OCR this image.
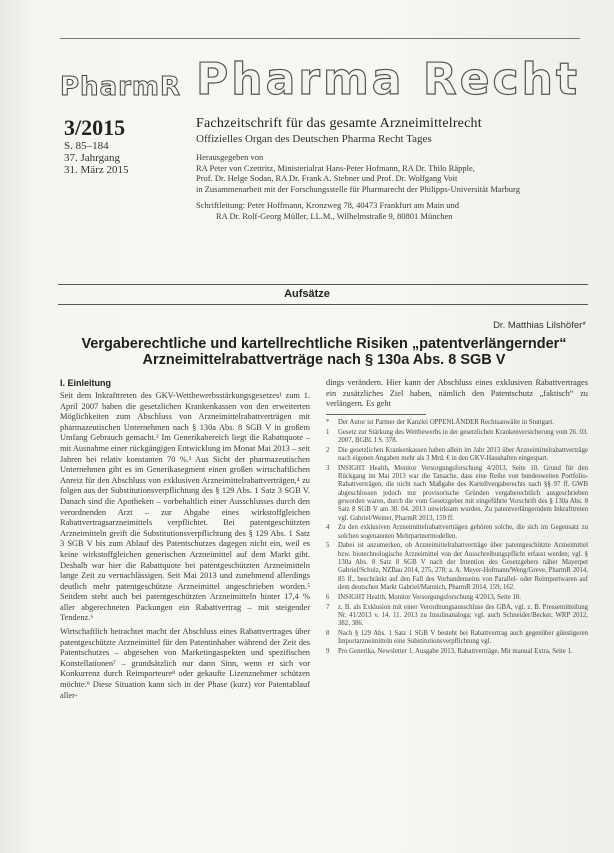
PharmR Pharma Recht
3/2015
S. 85–184
37. Jahrgang
31. März 2015
Fachzeitschrift für das gesamte Arzneimittelrecht
Offizielles Organ des Deutschen Pharma Recht Tages
Herausgegeben von
RA Peter von Czettritz, Ministerialrat Hans-Peter Hofmann, RA Dr. Thilo Räpple,
Prof. Dr. Helge Sodan, RA Dr. Frank A. Stebner und Prof. Dr. Wolfgang Voit
in Zusammenarbeit mit der Forschungsstelle für Pharmarecht der Philipps-Universität Marburg
Schriftleitung: Peter Hoffmann, Kronzweg 78, 40473 Frankfurt am Main und
RA Dr. Rolf-Georg Müller, LL.M., Wilhelmstraße 9, 80801 München
Aufsätze
Dr. Matthias Lilshöfer*
Vergaberechtliche und kartellrechtliche Risiken „patentverlängernder“
Arzneimittelrabattverträge nach § 130a Abs. 8 SGB V
I. Einleitung

Seit dem Inkrafttreten des GKV-Wettbewerbsstärkungsgesetzes¹ zum 1. April 2007 haben die gesetzlichen Krankenkassen von den erweiterten Möglichkeiten zum Abschluss von Arzneimittelrabattverträgen mit pharmazeutischen Unternehmen nach § 130a Abs. 8 SGB V in großem Umfang Gebrauch gemacht.² Im Generikabereich liegt die Rabattquote – mit Ausnahme einer rückgängigen Entwicklung im Monat Mai 2013 – seit Jahren bei relativ konstanten 70 %.³ Aus Sicht der pharmazeutischen Unternehmen gibt es im Generikasegment einen großen wirtschaftlichen Anreiz für den Abschluss von exklusiven Arzneimittelrabattverträgen,⁴ zu folgen aus der Substitutionsverpflichtung des § 129 Abs. 1 Satz 3 SGB V. Danach sind die Apotheken – vorbehaltlich einer Ausschlusses durch den verordnenden Arzt – zur Abgabe eines wirkstoffgleichen Rabattvertragsarzneimittels verpflichtet. Bei patentgeschützten Arzneimitteln greift die Substitutionsverpflichtung des § 129 Abs. 1 Satz 3 SGB V bis zum Ablauf des Patentschutzes dagegen nicht ein, weil es keine wirkstoffgleichen generischen Arzneimittel auf dem Markt gibt. Deshalb war hier die Rabattquote bei patentgeschützten Arzneimitteln lange Zeit zu vernachlässigen. Seit Mai 2013 und zunehmend allerdings deutlich mehr patentgeschützte Arzneimittel angeschrieben worden.⁵ Seitdem steht auch bei patentgeschützten Arzneimitteln hinter 17,4 % aller abgerechneten Packungen ein Rabattvertrag – mit steigender Tendenz.⁶

Wirtschaftlich betrachtet macht der Abschluss eines Rabattvertrages über patentgeschützte Arzneimittel für den Patentinhaber während der Zeit des Patentschutzes – abgesehen von Marketingaspekten und spezifischen Konstellationen⁷ – grundsätzlich nur dann Sinn, wenn er sich vor Konkurrenz durch Reimporteure⁸ oder gekaufte Lizenznehmer schützen möchte.⁹ Diese Situation kann sich in der Phase (kurz) vor Patentablauf aller-

dings verändern. Hier kann der Abschluss eines exklusiven Rabattvertrages ein zusätzliches Ziel haben, nämlich den Patentschutz „faktisch“ zu verlängern. Es geht

*	Der Autor ist Partner der Kanzlei OPPENLÄNDER Rechtsanwälte in Stuttgart.
1	Gesetz zur Stärkung des Wettbewerbs in der gesetzlichen Krankenversicherung vom 26. 03. 2007, BGBl. I S. 378.
2	Die gesetzlichen Krankenkassen haben allein im Jahr 2013 über Arzneimittelrabattverträge nach eigenen Angaben mehr als 3 Mrd. € in den GKV-Haushalten eingespart.
3	INSIGHT Health, Monitor Versorgungsforschung 4/2013, Seite 10. Grund für den Rückgang im Mai 2013 war die Tatsache, dass eine Reihe von bundesweiten Portfolio-Rabattverträgen, die nicht nach Maßgabe des Kartellvergaberechts nach §§ 97 ff. GWB abgeschlossen jedoch nur provisorische Gründen vergaberechtlich ausgeschrieben geworden waren, durch die vom Gesetzgeber mit eingeführte Vorschrift des § 130a Abs. 8 Satz 8 SGB V am 30. 04. 2013 unwirksam wurden. Zu patentverlängerndem Inkrafttreten vgl. Gabriel/Weiner, PharmR 2013, 159 ff.
4	Zu den exklusiven Arzneimittelrabattverträgen gehören solche, die sich im Gegensatz zu solchen sogenannten Mehrpartnermodellen.
5	Dabei ist anzumerken, ob Arzneimittelrabattverträge über patentgeschützte Arzneimittel bzw. biotechnologische Arzneimittel von der Ausschreibungspflicht erfasst werden; vgl. § 130a Abs. 8 Satz 8 SGB V nach der Intention des Gesetzgebers näher Mayerpet Gabriel/Schulz, NZBau 2014, 275, 278; a. A. Meyer-Hofmann/Weng/Greve, PharmR 2014, 85 ff., beschränkt auf den Fall des Vorhandenseins von Parallel- oder Reimportwaren auf dem deutschen Markt Gabriel/Mannich, PharmR 2014, 159, 162.
6	INSIGHT Health, Monitor Versorgungsforschung 4/2013, Seite 10.
7	z. B. als Exklusion mit einer Verordnungsausschluss des GBA, vgl. z. B. Pressemitteilung Nr. 41/2013 v. 14. 11. 2013 zu Insulinanaloga; vgl. auch Schneider/Becker, WRP 2012, 382, 386.
8	Nach § 129 Abs. 1 Satz 1 SGB V besteht bei Rabattvertrag auch gegenüber günstigeren Importarzneimitteln eine Substitutionsverpflichtung vgl.
9	Pro Generika, Newsletter 1, Ausgabe 2013, Rabattverträge, Mit manual Extra, Seite 1.
